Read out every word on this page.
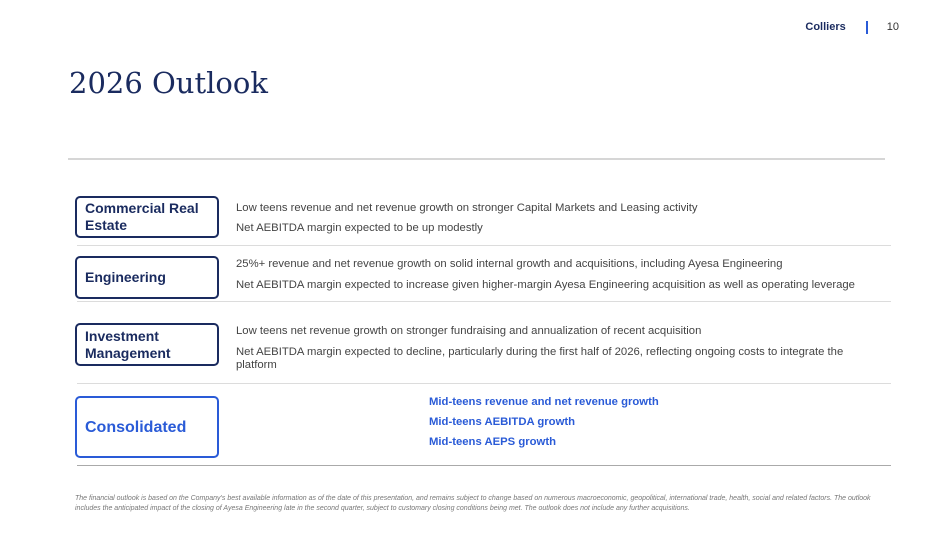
Colliers	10
2026 Outlook
Commercial Real Estate
Low teens revenue and net revenue growth on stronger Capital Markets and Leasing activity
Net AEBITDA margin expected to be up modestly
Engineering
25%+ revenue and net revenue growth on solid internal growth and acquisitions, including Ayesa Engineering
Net AEBITDA margin expected to increase given higher-margin Ayesa Engineering acquisition as well as operating leverage
Investment Management
Low teens net revenue growth on stronger fundraising and annualization of recent acquisition
Net AEBITDA margin expected to decline, particularly during the first half of 2026, reflecting ongoing costs to integrate the platform
Consolidated
Mid-teens revenue and net revenue growth
Mid-teens AEBITDA growth
Mid-teens AEPS growth
The financial outlook is based on the Company's best available information as of the date of this presentation, and remains subject to change based on numerous macroeconomic, geopolitical, international trade, health, social and related factors. The outlook includes the anticipated impact of the closing of Ayesa Engineering late in the second quarter, subject to customary closing conditions being met. The outlook does not include any further acquisitions.
